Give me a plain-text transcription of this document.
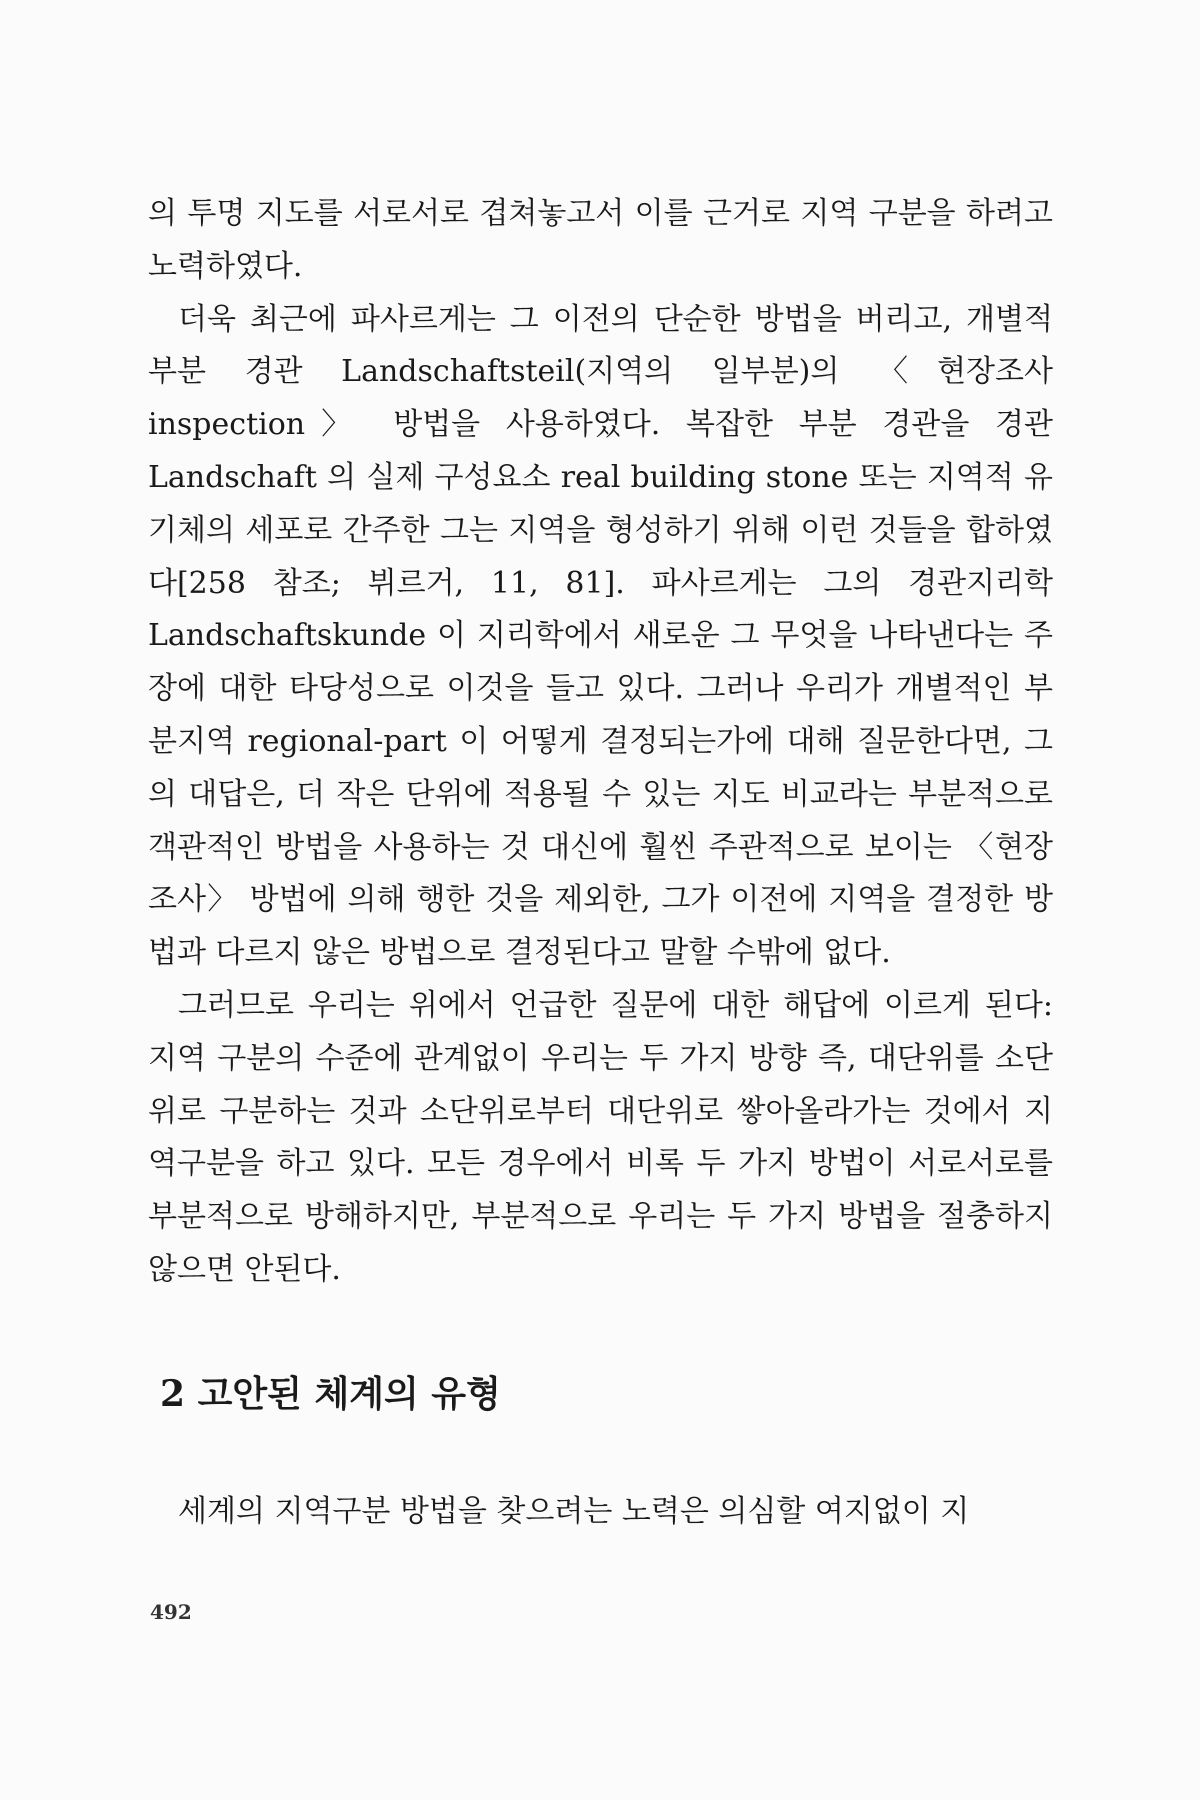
의 투명 지도를 서로서로 겹쳐놓고서 이를 근거로 지역 구분을 하려고 노력하였다.

더욱 최근에 파사르게는 그 이전의 단순한 방법을 버리고, 개별적 부분 경관 Landschaftsteil(지역의 일부분)의 〈현장조사 inspection〉 방법을 사용하였다. 복잡한 부분 경관을 경관 Landschaft 의 실제 구성요소 real building stone 또는 지역적 유기체의 세포로 간주한 그는 지역을 형성하기 위해 이런 것들을 합하였다[258 참조; 뷔르거, 11, 81]. 파사르게는 그의 경관지리학 Landschaftskunde 이 지리학에서 새로운 그 무엇을 나타낸다는 주장에 대한 타당성으로 이것을 들고 있다. 그러나 우리가 개별적인 부분지역 regional-part 이 어떻게 결정되는가에 대해 질문한다면, 그의 대답은, 더 작은 단위에 적용될 수 있는 지도 비교라는 부분적으로 객관적인 방법을 사용하는 것 대신에 훨씬 주관적으로 보이는 〈현장조사〉 방법에 의해 행한 것을 제외한, 그가 이전에 지역을 결정한 방법과 다르지 않은 방법으로 결정된다고 말할 수밖에 없다.

그러므로 우리는 위에서 언급한 질문에 대한 해답에 이르게 된다: 지역 구분의 수준에 관계없이 우리는 두 가지 방향 즉, 대단위를 소단위로 구분하는 것과 소단위로부터 대단위로 쌓아올라가는 것에서 지역구분을 하고 있다. 모든 경우에서 비록 두 가지 방법이 서로서로를 부분적으로 방해하지만, 부분적으로 우리는 두 가지 방법을 절충하지 않으면 안된다.

2 고안된 체계의 유형

세계의 지역구분 방법을 찾으려는 노력은 의심할 여지없이 지

492
